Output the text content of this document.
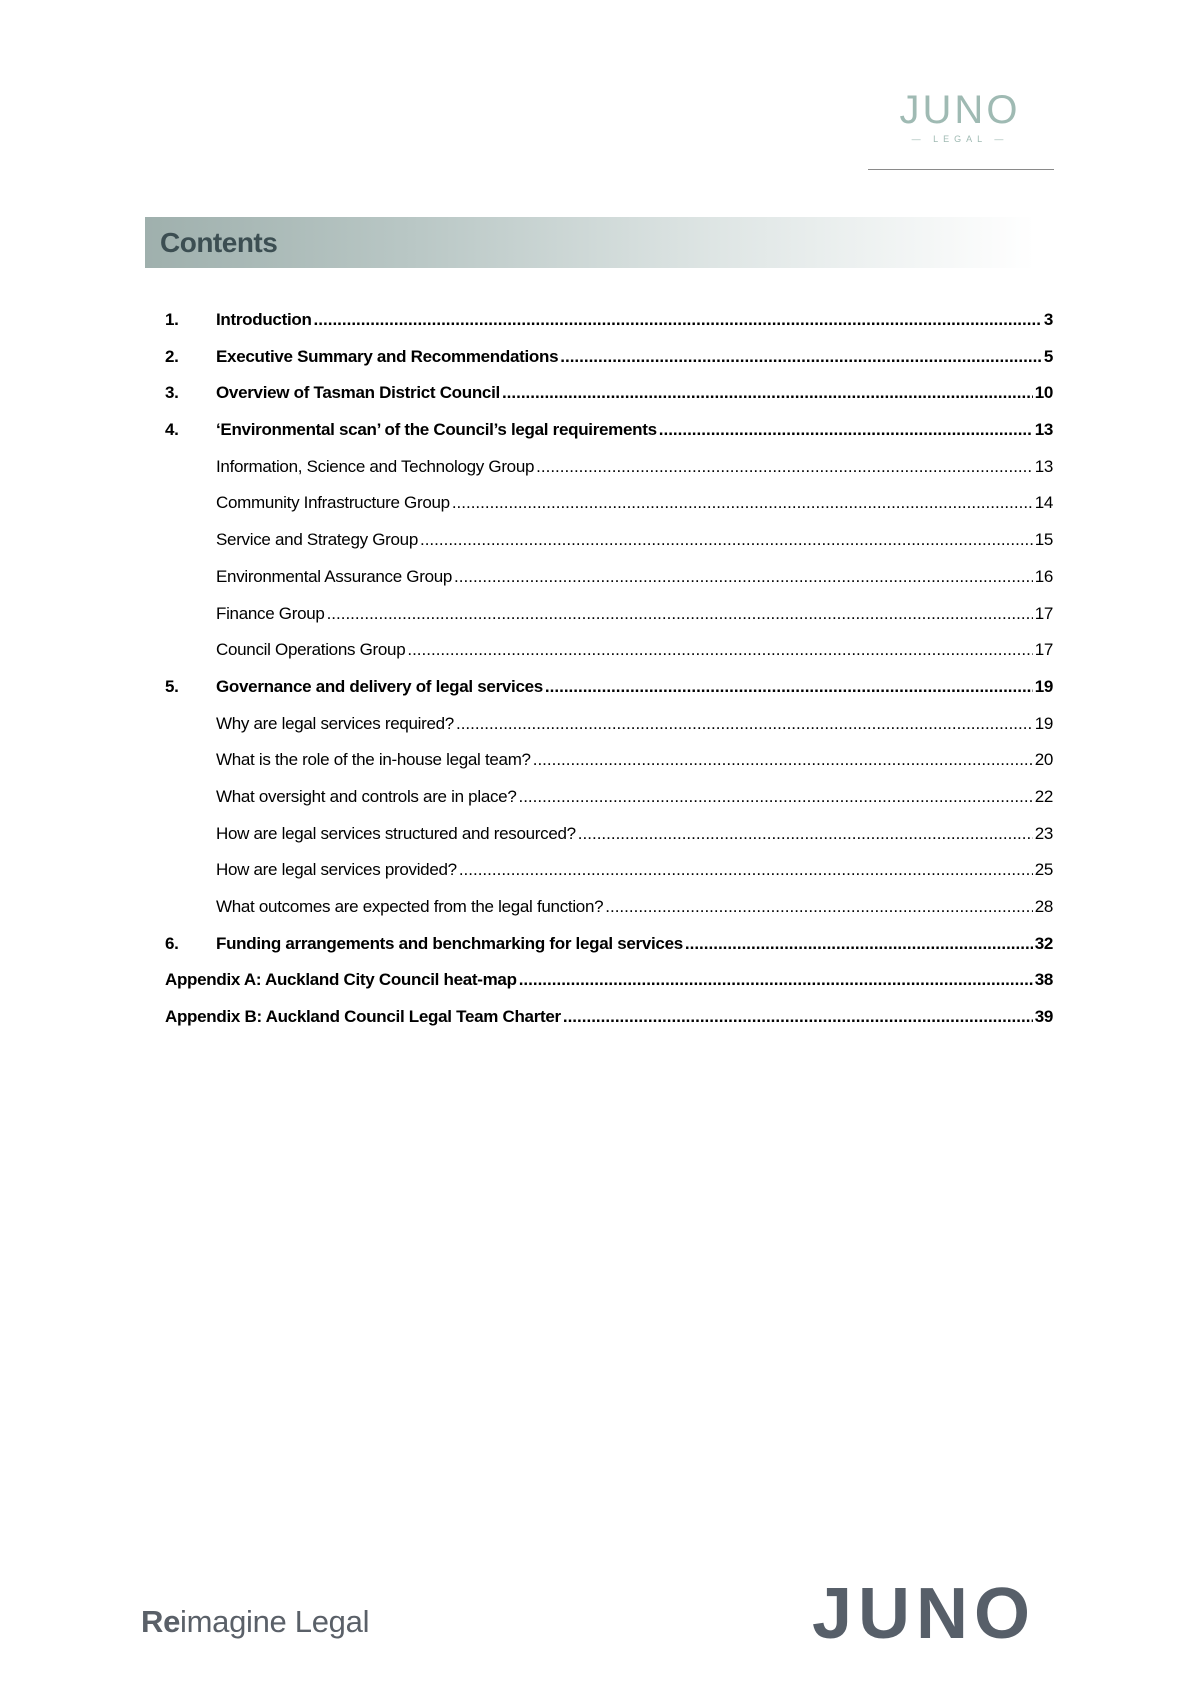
JUNO
— LEGAL —
Contents
1.	Introduction .....	3
2.	Executive Summary and Recommendations .....	5
3.	Overview of Tasman District Council .....	10
4.	‘Environmental scan’ of the Council’s legal requirements .....	13
Information, Science and Technology Group .....	13
Community Infrastructure Group .....	14
Service and Strategy Group .....	15
Environmental Assurance Group .....	16
Finance Group .....	17
Council Operations Group .....	17
5.	Governance and delivery of legal services .....	19
Why are legal services required? .....	19
What is the role of the in-house legal team? .....	20
What oversight and controls are in place? .....	22
How are legal services structured and resourced? .....	23
How are legal services provided? .....	25
What outcomes are expected from the legal function? .....	28
6.	Funding arrangements and benchmarking for legal services .....	32
Appendix A: Auckland City Council heat-map .....	38
Appendix B: Auckland Council Legal Team Charter .....	39
Reimagine Legal	JUNO
